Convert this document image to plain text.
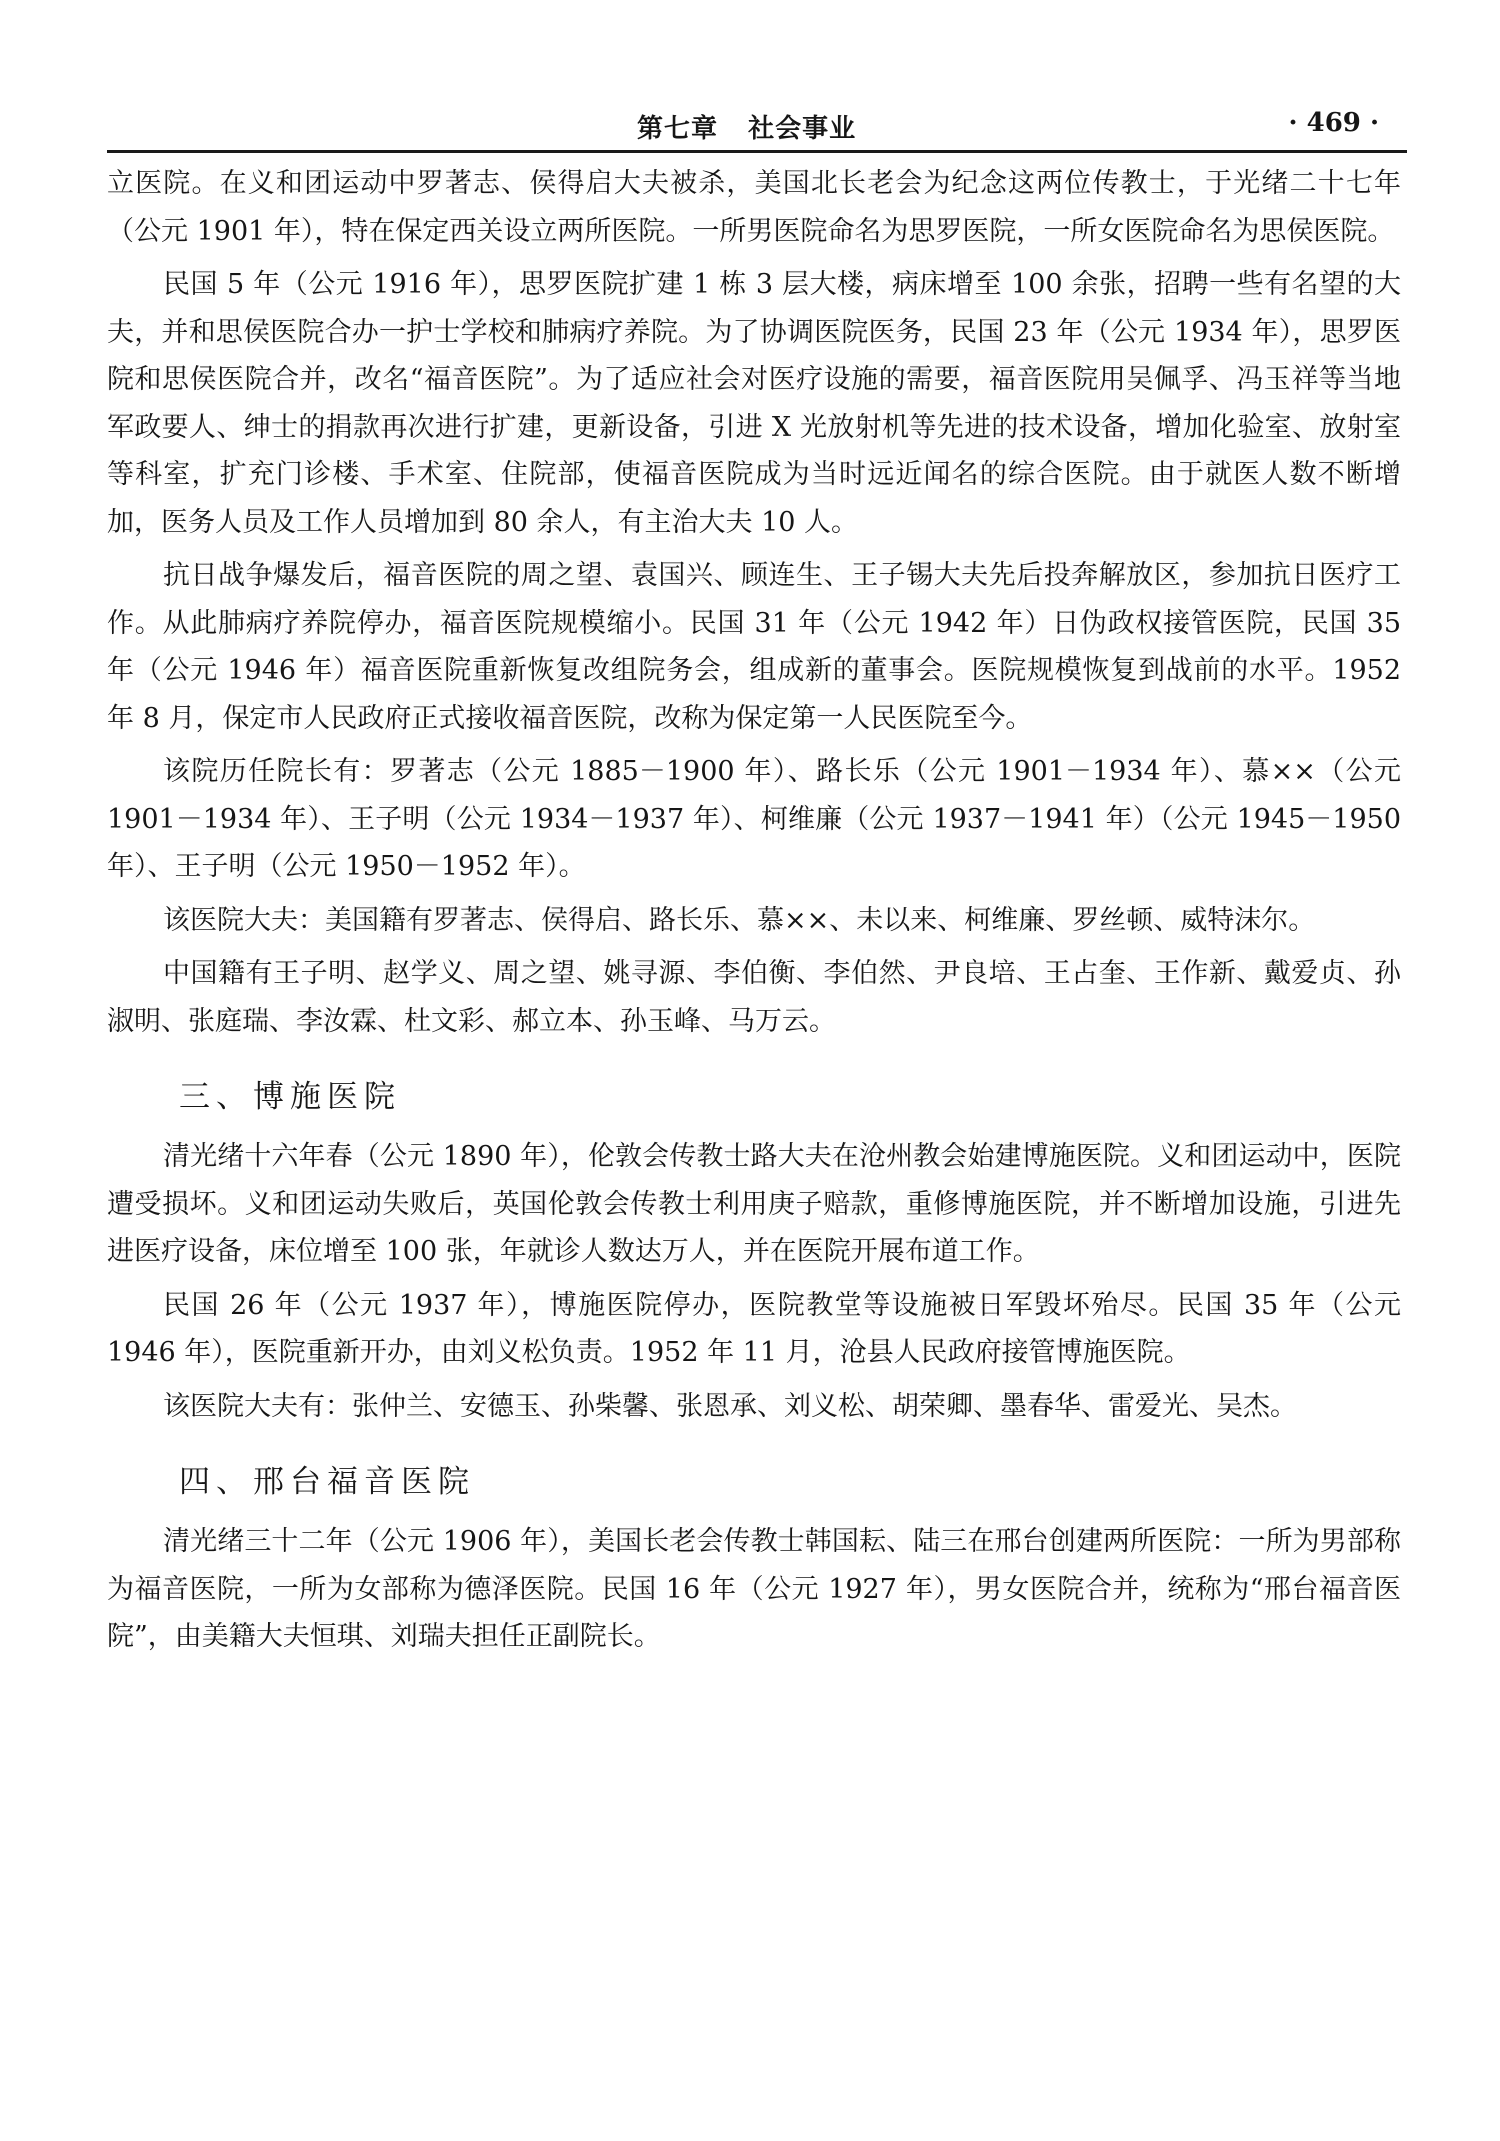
第七章   社会事业	· 469 ·

立医院。在义和团运动中罗著志、侯得启大夫被杀，美国北长老会为纪念这两位传教士，于光绪二十七年（公元 1901 年），特在保定西关设立两所医院。一所男医院命名为思罗医院，一所女医院命名为思侯医院。

民国 5 年（公元 1916 年），思罗医院扩建 1 栋 3 层大楼，病床增至 100 余张，招聘一些有名望的大夫，并和思侯医院合办一护士学校和肺病疗养院。为了协调医院医务，民国 23 年（公元 1934 年），思罗医院和思侯医院合并，改名“福音医院”。为了适应社会对医疗设施的需要，福音医院用吴佩孚、冯玉祥等当地军政要人、绅士的捐款再次进行扩建，更新设备，引进 X 光放射机等先进的技术设备，增加化验室、放射室等科室，扩充门诊楼、手术室、住院部，使福音医院成为当时远近闻名的综合医院。由于就医人数不断增加，医务人员及工作人员增加到 80 余人，有主治大夫 10 人。

抗日战争爆发后，福音医院的周之望、袁国兴、顾连生、王子锡大夫先后投奔解放区，参加抗日医疗工作。从此肺病疗养院停办，福音医院规模缩小。民国 31 年（公元 1942 年）日伪政权接管医院，民国 35 年（公元 1946 年）福音医院重新恢复改组院务会，组成新的董事会。医院规模恢复到战前的水平。1952 年 8 月，保定市人民政府正式接收福音医院，改称为保定第一人民医院至今。

该院历任院长有：罗著志（公元 1885－1900 年）、路长乐（公元 1901－1934 年）、慕××（公元 1901－1934 年）、王子明（公元 1934－1937 年）、柯维廉（公元 1937－1941 年）（公元 1945－1950 年）、王子明（公元 1950－1952 年）。

该医院大夫：美国籍有罗著志、侯得启、路长乐、慕××、未以来、柯维廉、罗丝顿、威特沫尔。

中国籍有王子明、赵学义、周之望、姚寻源、李伯衡、李伯然、尹良培、王占奎、王作新、戴爱贞、孙淑明、张庭瑞、李汝霖、杜文彩、郝立本、孙玉峰、马万云。

三、博施医院

清光绪十六年春（公元 1890 年），伦敦会传教士路大夫在沧州教会始建博施医院。义和团运动中，医院遭受损坏。义和团运动失败后，英国伦敦会传教士利用庚子赔款，重修博施医院，并不断增加设施，引进先进医疗设备，床位增至 100 张，年就诊人数达万人，并在医院开展布道工作。

民国 26 年（公元 1937 年），博施医院停办，医院教堂等设施被日军毁坏殆尽。民国 35 年（公元 1946 年），医院重新开办，由刘义松负责。1952 年 11 月，沧县人民政府接管博施医院。

该医院大夫有：张仲兰、安德玉、孙柴馨、张恩承、刘义松、胡荣卿、墨春华、雷爱光、吴杰。

四、邢台福音医院

清光绪三十二年（公元 1906 年），美国长老会传教士韩国耘、陆三在邢台创建两所医院：一所为男部称为福音医院，一所为女部称为德泽医院。民国 16 年（公元 1927 年），男女医院合并，统称为“邢台福音医院”，由美籍大夫恒琪、刘瑞夫担任正副院长。
